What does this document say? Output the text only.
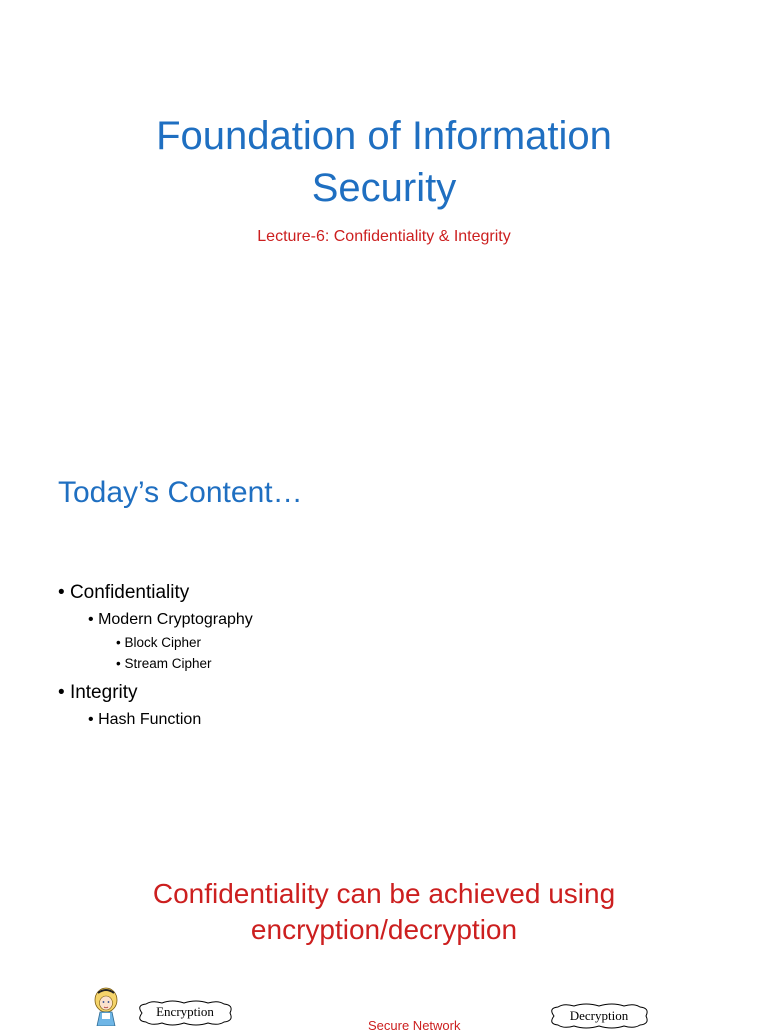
Foundation of Information
Security
Lecture-6: Confidentiality & Integrity
Today’s Content…
• Confidentiality
• Modern Cryptography
• Block Cipher
• Stream Cipher
• Integrity
• Hash Function
Confidentiality can be achieved using
encryption/decryption
Encryption
Secure Network
Decryption
